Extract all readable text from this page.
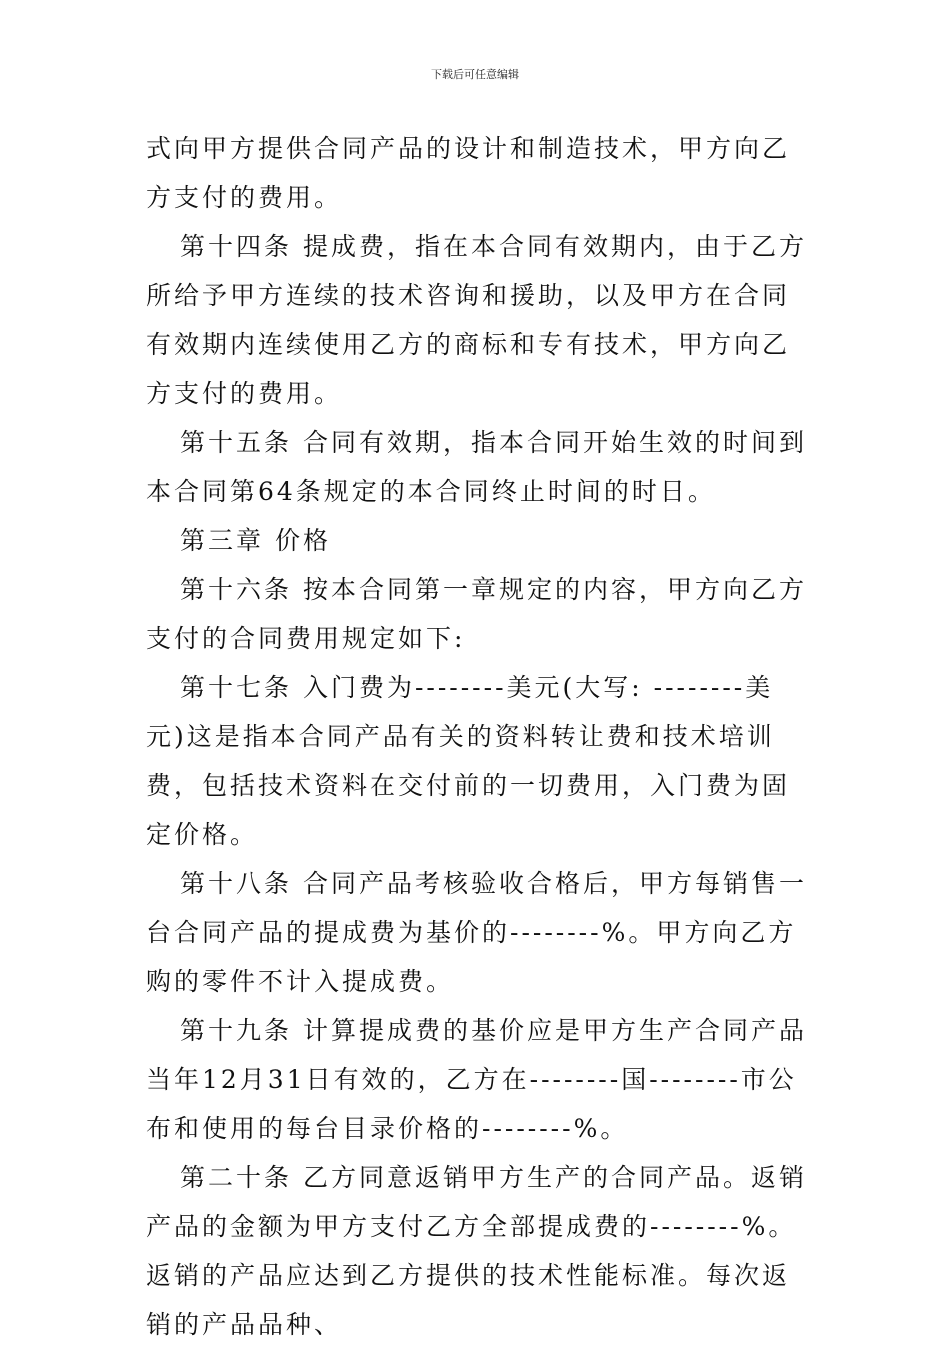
下载后可任意编辑

式向甲方提供合同产品的设计和制造技术，甲方向乙方支付的费用。

第十四条 提成费，指在本合同有效期内，由于乙方所给予甲方连续的技术咨询和援助，以及甲方在合同有效期内连续使用乙方的商标和专有技术，甲方向乙方支付的费用。

第十五条 合同有效期，指本合同开始生效的时间到本合同第64条规定的本合同终止时间的时日。

第三章 价格

第十六条 按本合同第一章规定的内容，甲方向乙方支付的合同费用规定如下:

第十七条 入门费为--------美元(大写: --------美元)这是指本合同产品有关的资料转让费和技术培训费，包括技术资料在交付前的一切费用，入门费为固定价格。

第十八条 合同产品考核验收合格后，甲方每销售一台合同产品的提成费为基价的--------%。甲方向乙方购的零件不计入提成费。

第十九条 计算提成费的基价应是甲方生产合同产品当年12月31日有效的，乙方在--------国--------市公布和使用的每台目录价格的--------%。

第二十条 乙方同意返销甲方生产的合同产品。返销产品的金额为甲方支付乙方全部提成费的--------%。返销的产品应达到乙方提供的技术性能标准。每次返销的产品品种、
